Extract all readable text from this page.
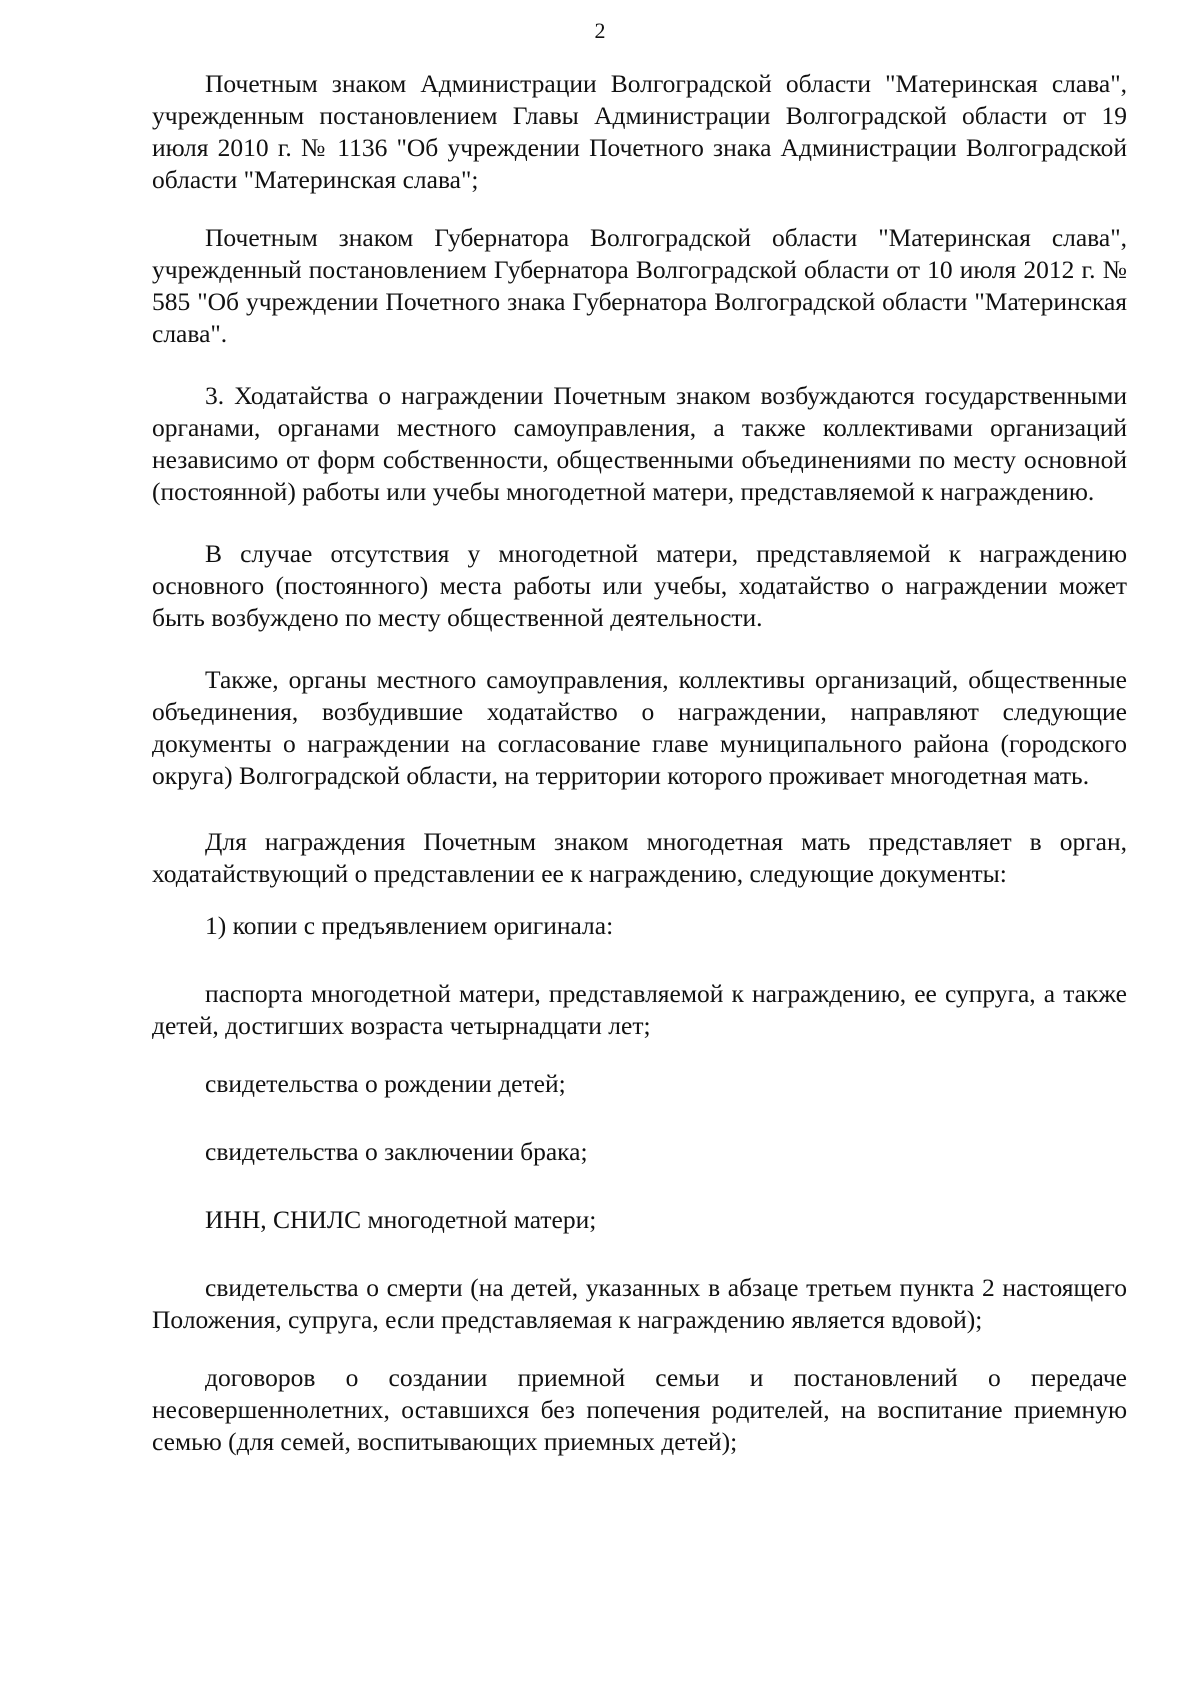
2

Почетным знаком Администрации Волгоградской области "Материнская слава", учрежденным постановлением Главы Администрации Волгоградской области от 19 июля 2010 г. № 1136 "Об учреждении Почетного знака Администрации Волгоградской области "Материнская слава";

Почетным знаком Губернатора Волгоградской области "Материнская слава", учрежденный постановлением Губернатора Волгоградской области от 10 июля 2012 г. № 585 "Об учреждении Почетного знака Губернатора Волгоградской области "Материнская слава".

3. Ходатайства о награждении Почетным знаком возбуждаются государственными органами, органами местного самоуправления, а также коллективами организаций независимо от форм собственности, общественными объединениями по месту основной (постоянной) работы или учебы многодетной матери, представляемой к награждению.

В случае отсутствия у многодетной матери, представляемой к награждению основного (постоянного) места работы или учебы, ходатайство о награждении может быть возбуждено по месту общественной деятельности.

Также, органы местного самоуправления, коллективы организаций, общественные объединения, возбудившие ходатайство о награждении, направляют следующие документы о награждении на согласование главе муниципального района (городского округа) Волгоградской области, на территории которого проживает многодетная мать.

Для награждения Почетным знаком многодетная мать представляет в орган, ходатайствующий о представлении ее к награждению, следующие документы:

1) копии с предъявлением оригинала:

паспорта многодетной матери, представляемой к награждению, ее супруга, а также детей, достигших возраста четырнадцати лет;

свидетельства о рождении детей;

свидетельства о заключении брака;

ИНН, СНИЛС многодетной матери;

свидетельства о смерти (на детей, указанных в абзаце третьем пункта 2 настоящего Положения, супруга, если представляемая к награждению является вдовой);

договоров о создании приемной семьи и постановлений о передаче несовершеннолетних, оставшихся без попечения родителей, на воспитание приемную семью (для семей, воспитывающих приемных детей);
